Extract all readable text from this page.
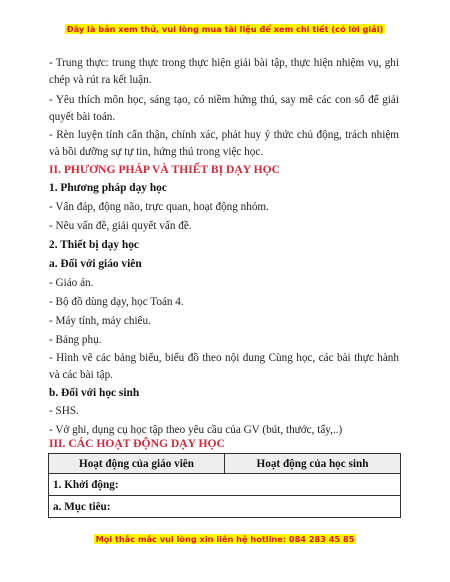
Đây là bản xem thử, vui lòng mua tài liệu để xem chi tiết (có lời giải)
- Trung thực: trung thực trong thực hiện giải bài tập, thực hiện nhiệm vụ, ghi chép và rút ra kết luận.
- Yêu thích môn học, sáng tạo, có niềm hứng thú, say mê các con số để giải quyết bài toán.
- Rèn luyện tính cẩn thận, chính xác, phát huy ý thức chủ động, trách nhiệm và bồi dưỡng sự tự tin, hứng thú trong việc học.
II. PHƯƠNG PHÁP VÀ THIẾT BỊ DẠY HỌC
1. Phương pháp dạy học
- Vấn đáp, động não, trực quan, hoạt động nhóm.
- Nêu vấn đề, giải quyết vấn đề.
2. Thiết bị dạy học
a. Đối với giáo viên
- Giáo án.
- Bộ đồ dùng dạy, học Toán 4.
- Máy tính, máy chiếu.
- Bảng phụ.
- Hình vẽ các bảng biểu, biểu đồ theo nội dung Cùng học, các bài thực hành và các bài tập.
b. Đối với học sinh
- SHS.
- Vở ghi, dụng cụ học tập theo yêu cầu của GV (bút, thước, tẩy,..)
III. CÁC HOẠT ĐỘNG DẠY HỌC
Hoạt động của giáo viên	Hoạt động của học sinh
1. Khởi động:
a. Mục tiêu:
Mọi thắc mắc vui lòng xin liên hệ hotline: 084 283 45 85
